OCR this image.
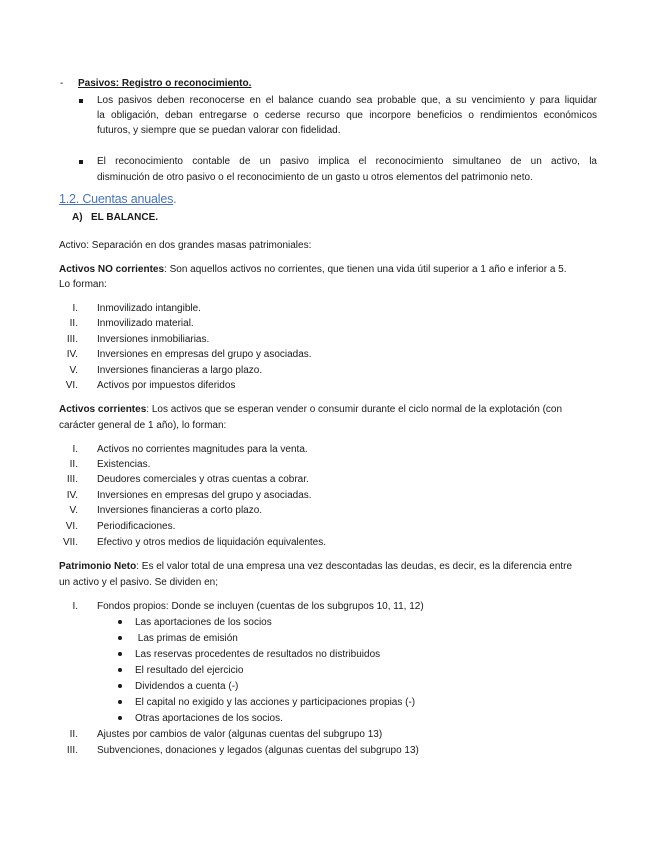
- Pasivos: Registro o reconocimiento.
Los pasivos deben reconocerse en el balance cuando sea probable que, a su vencimiento y para liquidar
la obligación, deban entregarse o cederse recurso que incorpore beneficios o rendimientos económicos
futuros, y siempre que se puedan valorar con fidelidad.
El reconocimiento contable de un pasivo implica el reconocimiento simultaneo de un activo, la
disminución de otro pasivo o el reconocimiento de un gasto u otros elementos del patrimonio neto.
1.2. Cuentas anuales.
A) EL BALANCE.
Activo: Separación en dos grandes masas patrimoniales:
Activos NO corrientes: Son aquellos activos no corrientes, que tienen una vida útil superior a 1 año e inferior a 5.
Lo forman:
I. Inmovilizado intangible.
II. Inmovilizado material.
III. Inversiones inmobiliarias.
IV. Inversiones en empresas del grupo y asociadas.
V. Inversiones financieras a largo plazo.
VI. Activos por impuestos diferidos
Activos corrientes: Los activos que se esperan vender o consumir durante el ciclo normal de la explotación (con
carácter general de 1 año), lo forman:
I. Activos no corrientes magnitudes para la venta.
II. Existencias.
III. Deudores comerciales y otras cuentas a cobrar.
IV. Inversiones en empresas del grupo y asociadas.
V. Inversiones financieras a corto plazo.
VI. Periodificaciones.
VII. Efectivo y otros medios de liquidación equivalentes.
Patrimonio Neto: Es el valor total de una empresa una vez descontadas las deudas, es decir, es la diferencia entre
un activo y el pasivo. Se dividen en;
I. Fondos propios: Donde se incluyen (cuentas de los subgrupos 10, 11, 12)
Las aportaciones de los socios
Las primas de emisión
Las reservas procedentes de resultados no distribuidos
El resultado del ejercicio
Dividendos a cuenta (-)
El capital no exigido y las acciones y participaciones propias (-)
Otras aportaciones de los socios.
II. Ajustes por cambios de valor (algunas cuentas del subgrupo 13)
III. Subvenciones, donaciones y legados (algunas cuentas del subgrupo 13)
